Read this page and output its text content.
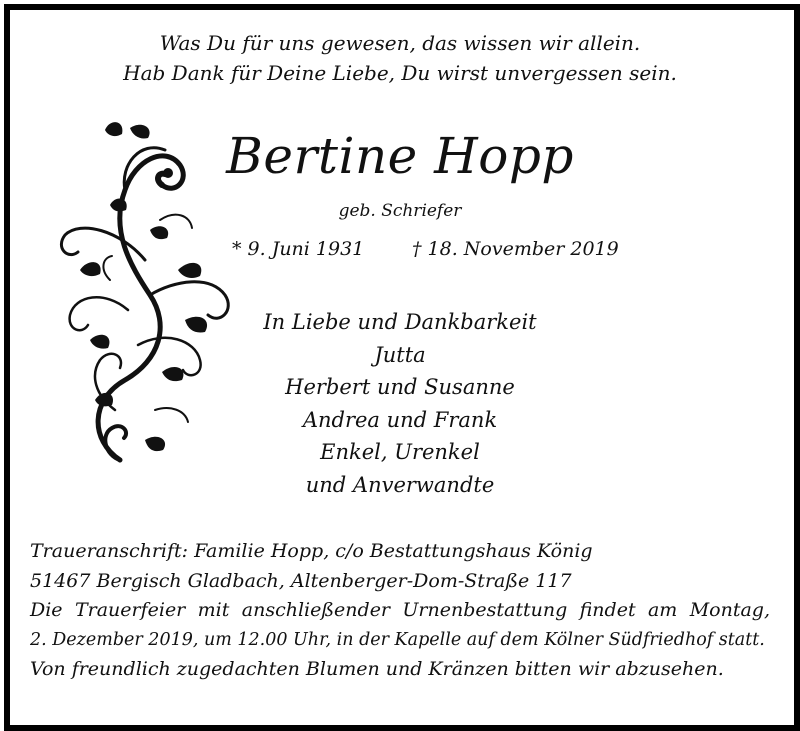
Was Du für uns gewesen, das wissen wir allein.
Hab Dank für Deine Liebe, Du wirst unvergessen sein.
Bertine Hopp
geb. Schriefer
* 9. Juni 1931	† 18. November 2019
In Liebe und Dankbarkeit
Jutta
Herbert und Susanne
Andrea und Frank
Enkel, Urenkel
und Anverwandte
Traueranschrift: Familie Hopp, c/o Bestattungshaus König
51467 Bergisch Gladbach, Altenberger-Dom-Straße 117
Die Trauerfeier mit anschließender Urnenbestattung findet am Montag,
2. Dezember 2019, um 12.00 Uhr, in der Kapelle auf dem Kölner Südfriedhof statt.
Von freundlich zugedachten Blumen und Kränzen bitten wir abzusehen.
